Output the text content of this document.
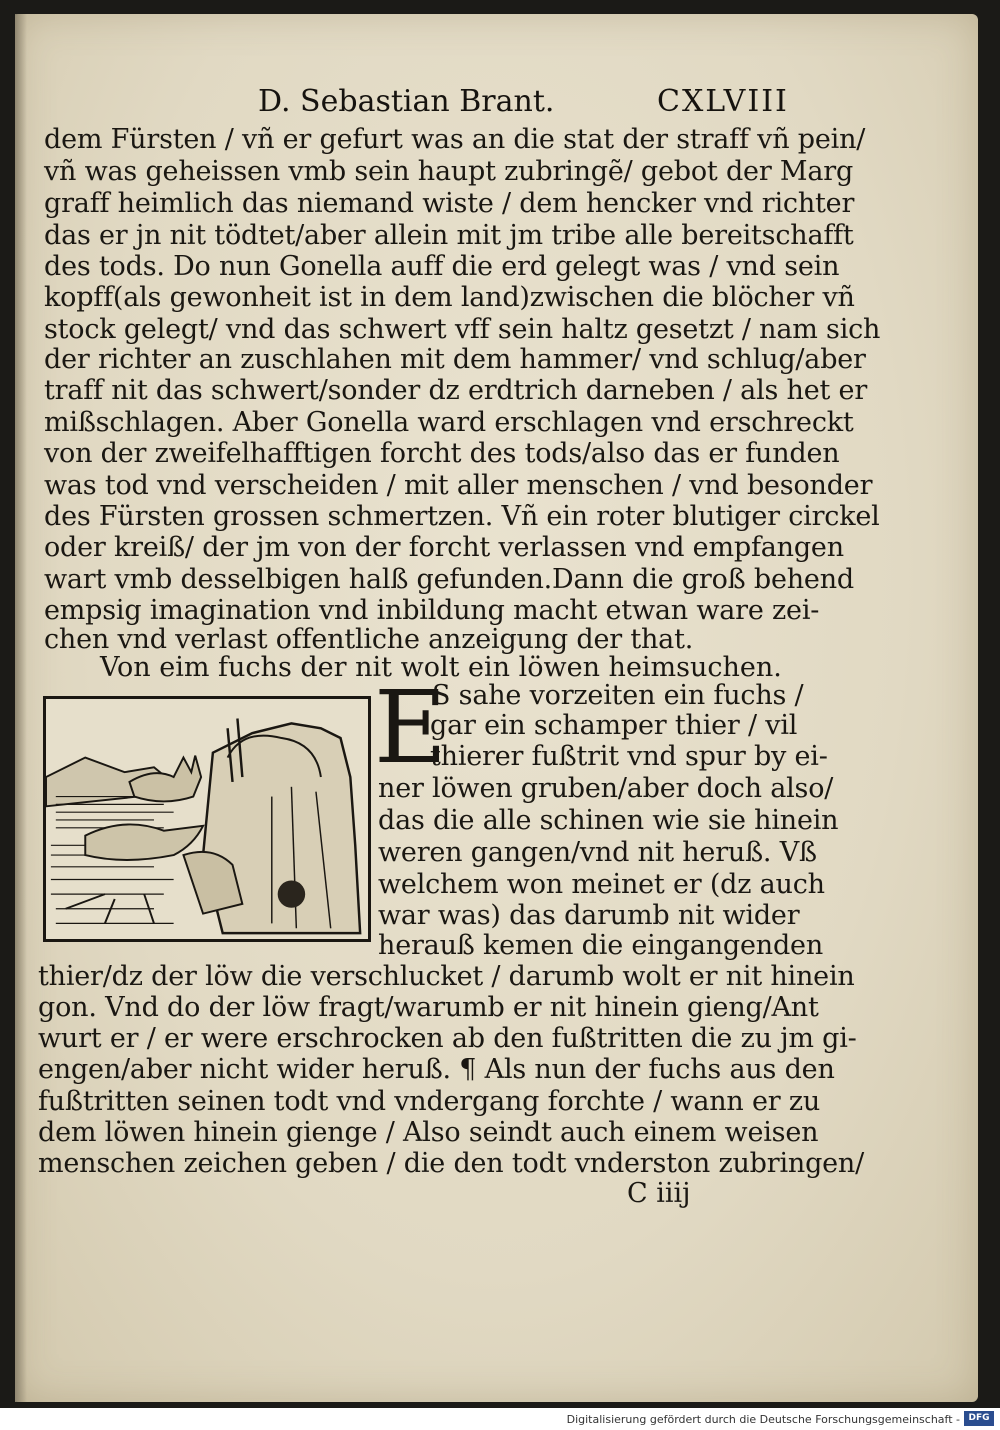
D. Sebastian Brant.	CXLVIII
dem Fürsten / vñ er gefurt was an die stat der straff vñ pein/
vñ was geheissen vmb sein haupt zubringẽ/ gebot der Marg
graff heimlich das niemand wiste / dem hencker vnd richter
das er jn nit tödtet/aber allein mit jm tribe alle bereitschafft
des tods. Do nun Gonella auff die erd gelegt was / vnd sein
kopff(als gewonheit ist in dem land)zwischen die blöcher vñ
stock gelegt/ vnd das schwert vff sein haltz gesetzt / nam sich
der richter an zuschlahen mit dem hammer/ vnd schlug/aber
traff nit das schwert/sonder dz erdtrich darneben / als het er
mißschlagen. Aber Gonella ward erschlagen vnd erschreckt
von der zweifelhafftigen forcht des tods/also das er funden
was tod vnd verscheiden / mit aller menschen / vnd besonder
des Fürsten grossen schmertzen. Vñ ein roter blutiger circkel
oder kreiß/ der jm von der forcht verlassen vnd empfangen
wart vmb desselbigen halß gefunden.Dann die groß behend
empsig imagination vnd inbildung macht etwan ware zei-
chen vnd verlast offentliche anzeigung der that.
Von eim fuchs der nit wolt ein löwen heimsuchen.
E
S sahe vorzeiten ein fuchs /
gar ein schamper thier / vil
thierer fußtrit vnd spur by ei-
ner löwen gruben/aber doch also/
das die alle schinen wie sie hinein
weren gangen/vnd nit heruß. Vß
welchem won meinet er (dz auch
war was) das darumb nit wider
herauß kemen die eingangenden
thier/dz der löw die verschlucket / darumb wolt er nit hinein
gon. Vnd do der löw fragt/warumb er nit hinein gieng/Ant
wurt er / er were erschrocken ab den fußtritten die zu jm gi-
engen/aber nicht wider heruß. ¶ Als nun der fuchs aus den
fußtritten seinen todt vnd vndergang forchte / wann er zu
dem löwen hinein gienge / Also seindt auch einem weisen
menschen zeichen geben / die den todt vnderston zubringen/
C iiij
Digitalisierung gefördert durch die Deutsche Forschungsgemeinschaft - DFG
